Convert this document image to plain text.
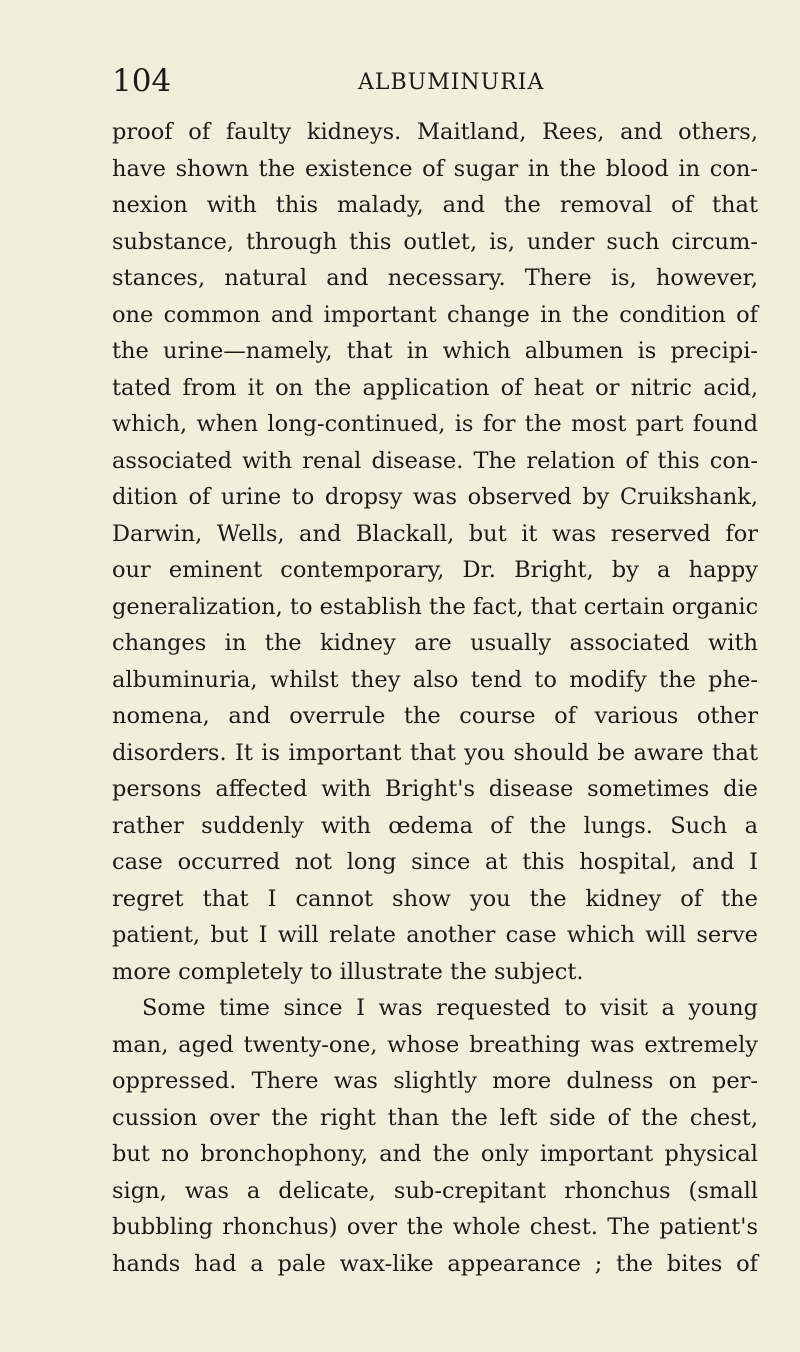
104	ALBUMINURIA
proof of faulty kidneys. Maitland, Rees, and others,
have shown the existence of sugar in the blood in con-
nexion with this malady, and the removal of that
substance, through this outlet, is, under such circum-
stances, natural and necessary. There is, however,
one common and important change in the condition of
the urine—namely, that in which albumen is precipi-
tated from it on the application of heat or nitric acid,
which, when long-continued, is for the most part found
associated with renal disease. The relation of this con-
dition of urine to dropsy was observed by Cruikshank,
Darwin, Wells, and Blackall, but it was reserved for
our eminent contemporary, Dr. Bright, by a happy
generalization, to establish the fact, that certain organic
changes in the kidney are usually associated with
albuminuria, whilst they also tend to modify the phe-
nomena, and overrule the course of various other
disorders. It is important that you should be aware that
persons affected with Bright's disease sometimes die
rather suddenly with œdema of the lungs. Such a
case occurred not long since at this hospital, and I
regret that I cannot show you the kidney of the
patient, but I will relate another case which will serve
more completely to illustrate the subject.
Some time since I was requested to visit a young
man, aged twenty-one, whose breathing was extremely
oppressed. There was slightly more dulness on per-
cussion over the right than the left side of the chest,
but no bronchophony, and the only important physical
sign, was a delicate, sub-crepitant rhonchus (small
bubbling rhonchus) over the whole chest. The patient's
hands had a pale wax-like appearance ; the bites of
